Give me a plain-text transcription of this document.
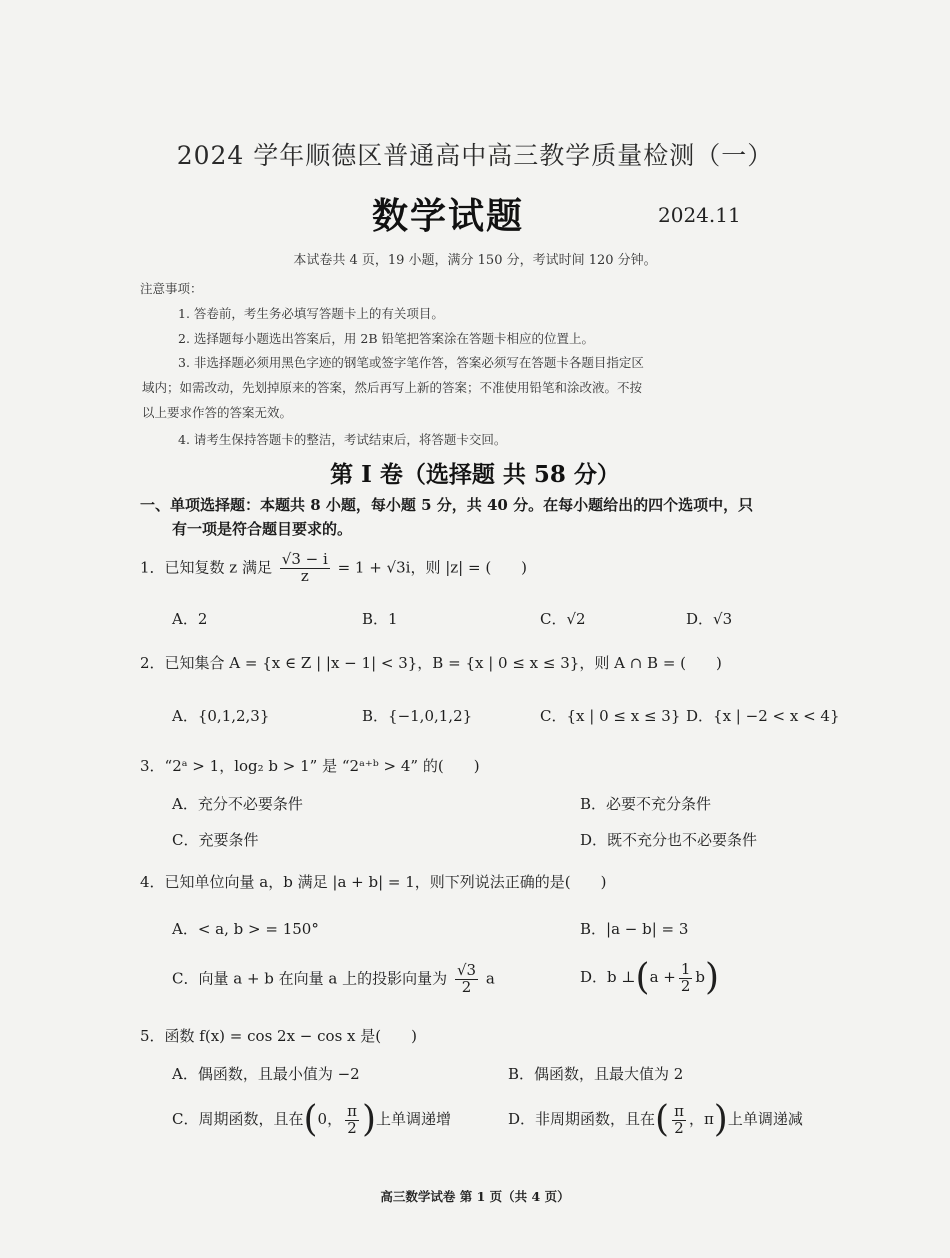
2024 学年顺德区普通高中高三教学质量检测（一）
数学试题	2024.11
本试卷共 4 页，19 小题，满分 150 分，考试时间 120 分钟。
注意事项：
1. 答卷前，考生务必填写答题卡上的有关项目。
2. 选择题每小题选出答案后，用 2B 铅笔把答案涂在答题卡相应的位置上。
3. 非选择题必须用黑色字迹的钢笔或签字笔作答，答案必须写在答题卡各题目指定区
域内；如需改动，先划掉原来的答案，然后再写上新的答案；不准使用铅笔和涂改液。不按
以上要求作答的答案无效。
4. 请考生保持答题卡的整洁，考试结束后，将答题卡交回。
第 I 卷（选择题 共 58 分）
一、单项选择题：本题共 8 小题，每小题 5 分，共 40 分。在每小题给出的四个选项中，只
有一项是符合题目要求的。
1．已知复数 z 满足 $\frac{√3 - i}{z} = 1 + √3i$，则 |z| = (　　)
A．2	B．1	C．√2	D．√3
2．已知集合 A = {x ∈ Z | |x − 1| < 3}，B = {x | 0 ≤ x ≤ 3}，则 A ∩ B = (　　)
A．{0,1,2,3}	B．{−1,0,1,2}	C．{x | 0 ≤ x ≤ 3} D．{x | −2 < x < 4}
3．“2ᵃ > 1，log₂ b > 1” 是 “2ᵃ⁺ᵇ > 4” 的(　　)
A．充分不必要条件	B．必要不充分条件
C．充要条件	D．既不充分也不必要条件
4．已知单位向量 a，b 满足 |a + b| = 1，则下列说法正确的是(　　)
A．< a, b > = 150°	B．|a − b| = 3
C．向量 a + b 在向量 a 上的投影向量为 $\frac{√3}{2}$ a	D．b ⊥(a + $\frac{1}{2} b$)
5．函数 f(x) = cos 2x − cos x 是(　　)
A．偶函数，且最小值为 −2	B．偶函数，且最大值为 2
C．周期函数，且在(0， $\frac{\pi}{2}$ )上单调递增	D．非周期函数，且在( $\frac{\pi}{2}$ ，π)上单调递减
高三数学试卷 第 1 页（共 4 页）
